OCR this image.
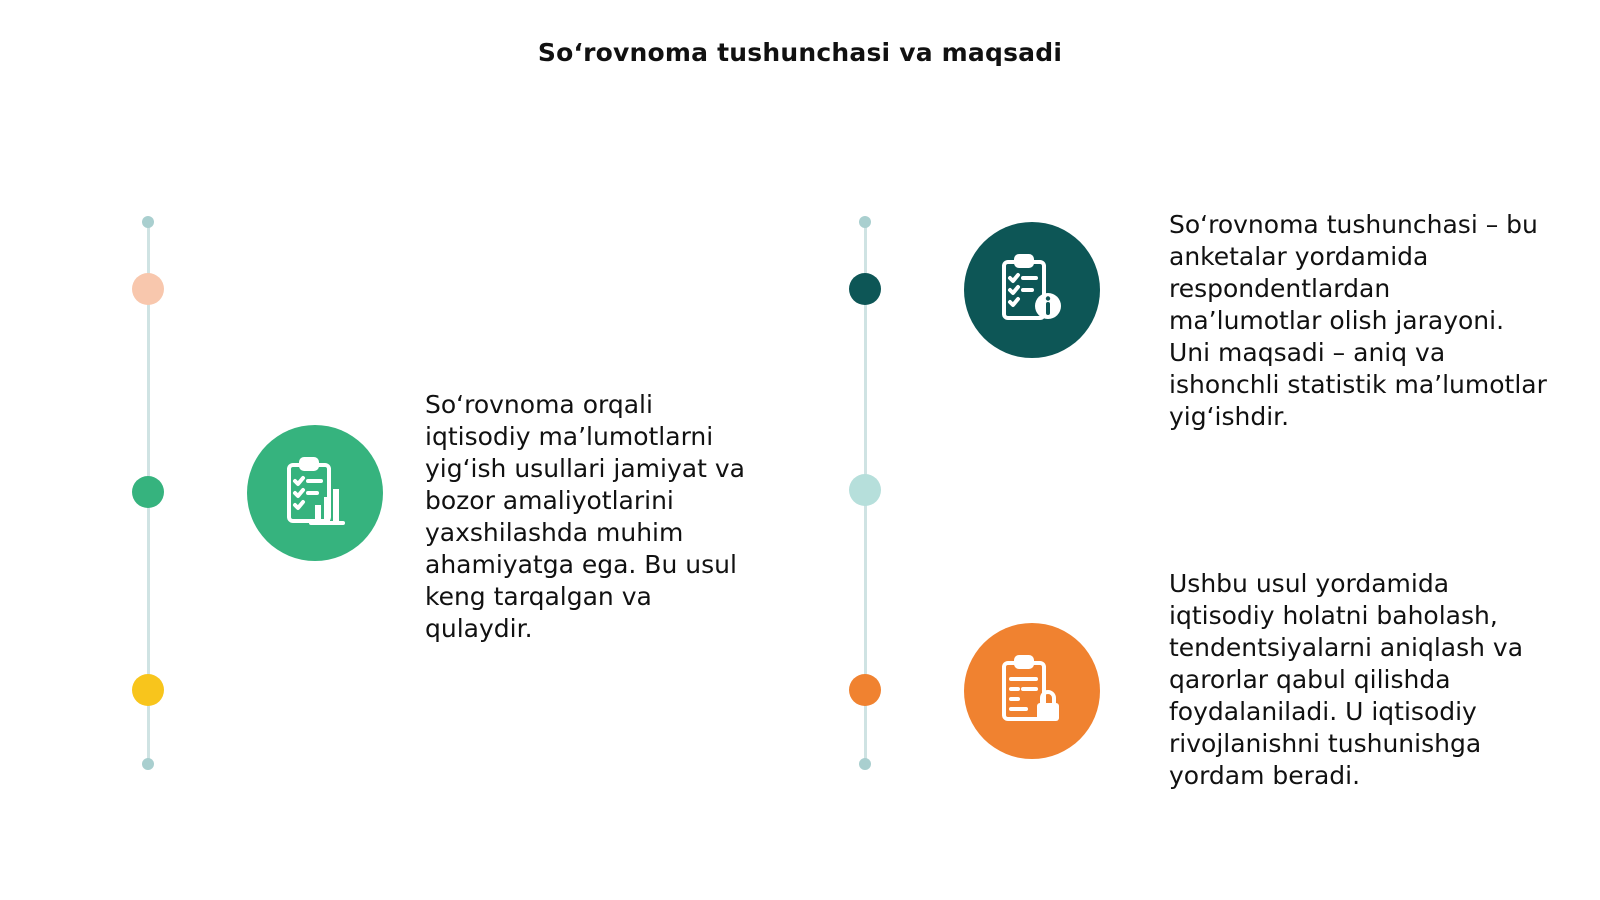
So‘rovnoma tushunchasi va maqsadi
So‘rovnoma orqali iqtisodiy ma’lumotlarni yig‘ish usullari jamiyat va bozor amaliyotlarini yaxshilashda muhim ahamiyatga ega. Bu usul keng tarqalgan va qulaydir.
So‘rovnoma tushunchasi – bu anketalar yordamida respondentlardan ma’lumotlar olish jarayoni. Uni maqsadi – aniq va ishonchli statistik ma’lumotlar yig‘ishdir.
Ushbu usul yordamida iqtisodiy holatni baholash, tendentsiyalarni aniqlash va qarorlar qabul qilishda foydalaniladi. U iqtisodiy rivojlanishni tushunishga yordam beradi.
